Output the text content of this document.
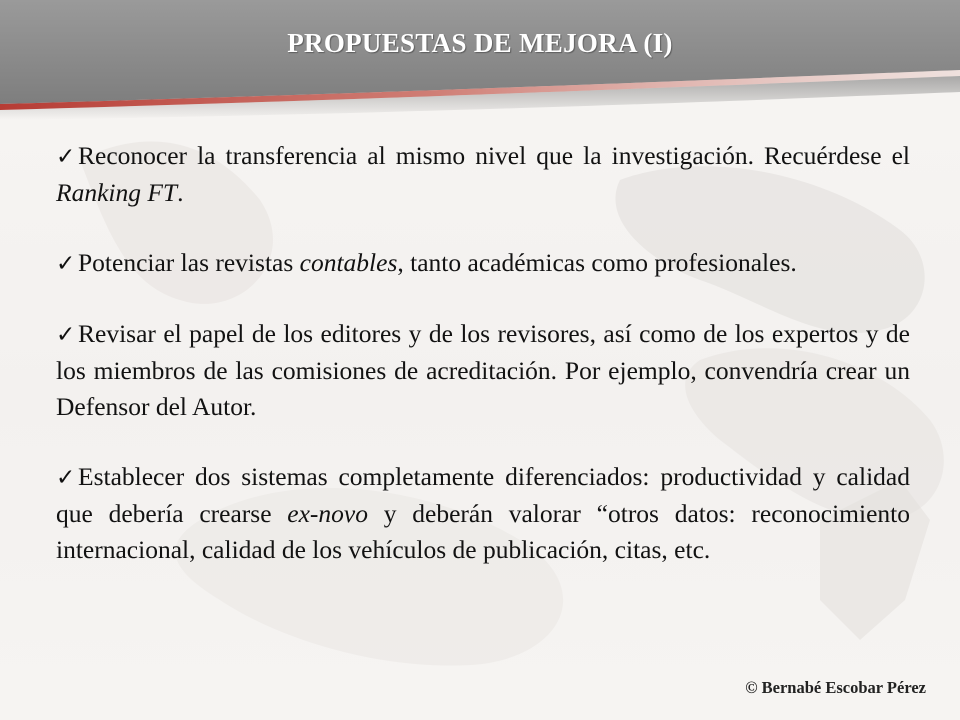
PROPUESTAS DE MEJORA (I)
✓ Reconocer la transferencia al mismo nivel que la investigación. Recuérdese el Ranking FT.
✓ Potenciar las revistas contables, tanto académicas como profesionales.
✓ Revisar el papel de los editores y de los revisores, así como de los expertos y de los miembros de las comisiones de acreditación. Por ejemplo, convendría crear un Defensor del Autor.
✓ Establecer dos sistemas completamente diferenciados: productividad y calidad que debería crearse ex-novo y deberán valorar “otros datos: reconocimiento internacional, calidad de los vehículos de publicación, citas, etc.
© Bernabé Escobar Pérez
